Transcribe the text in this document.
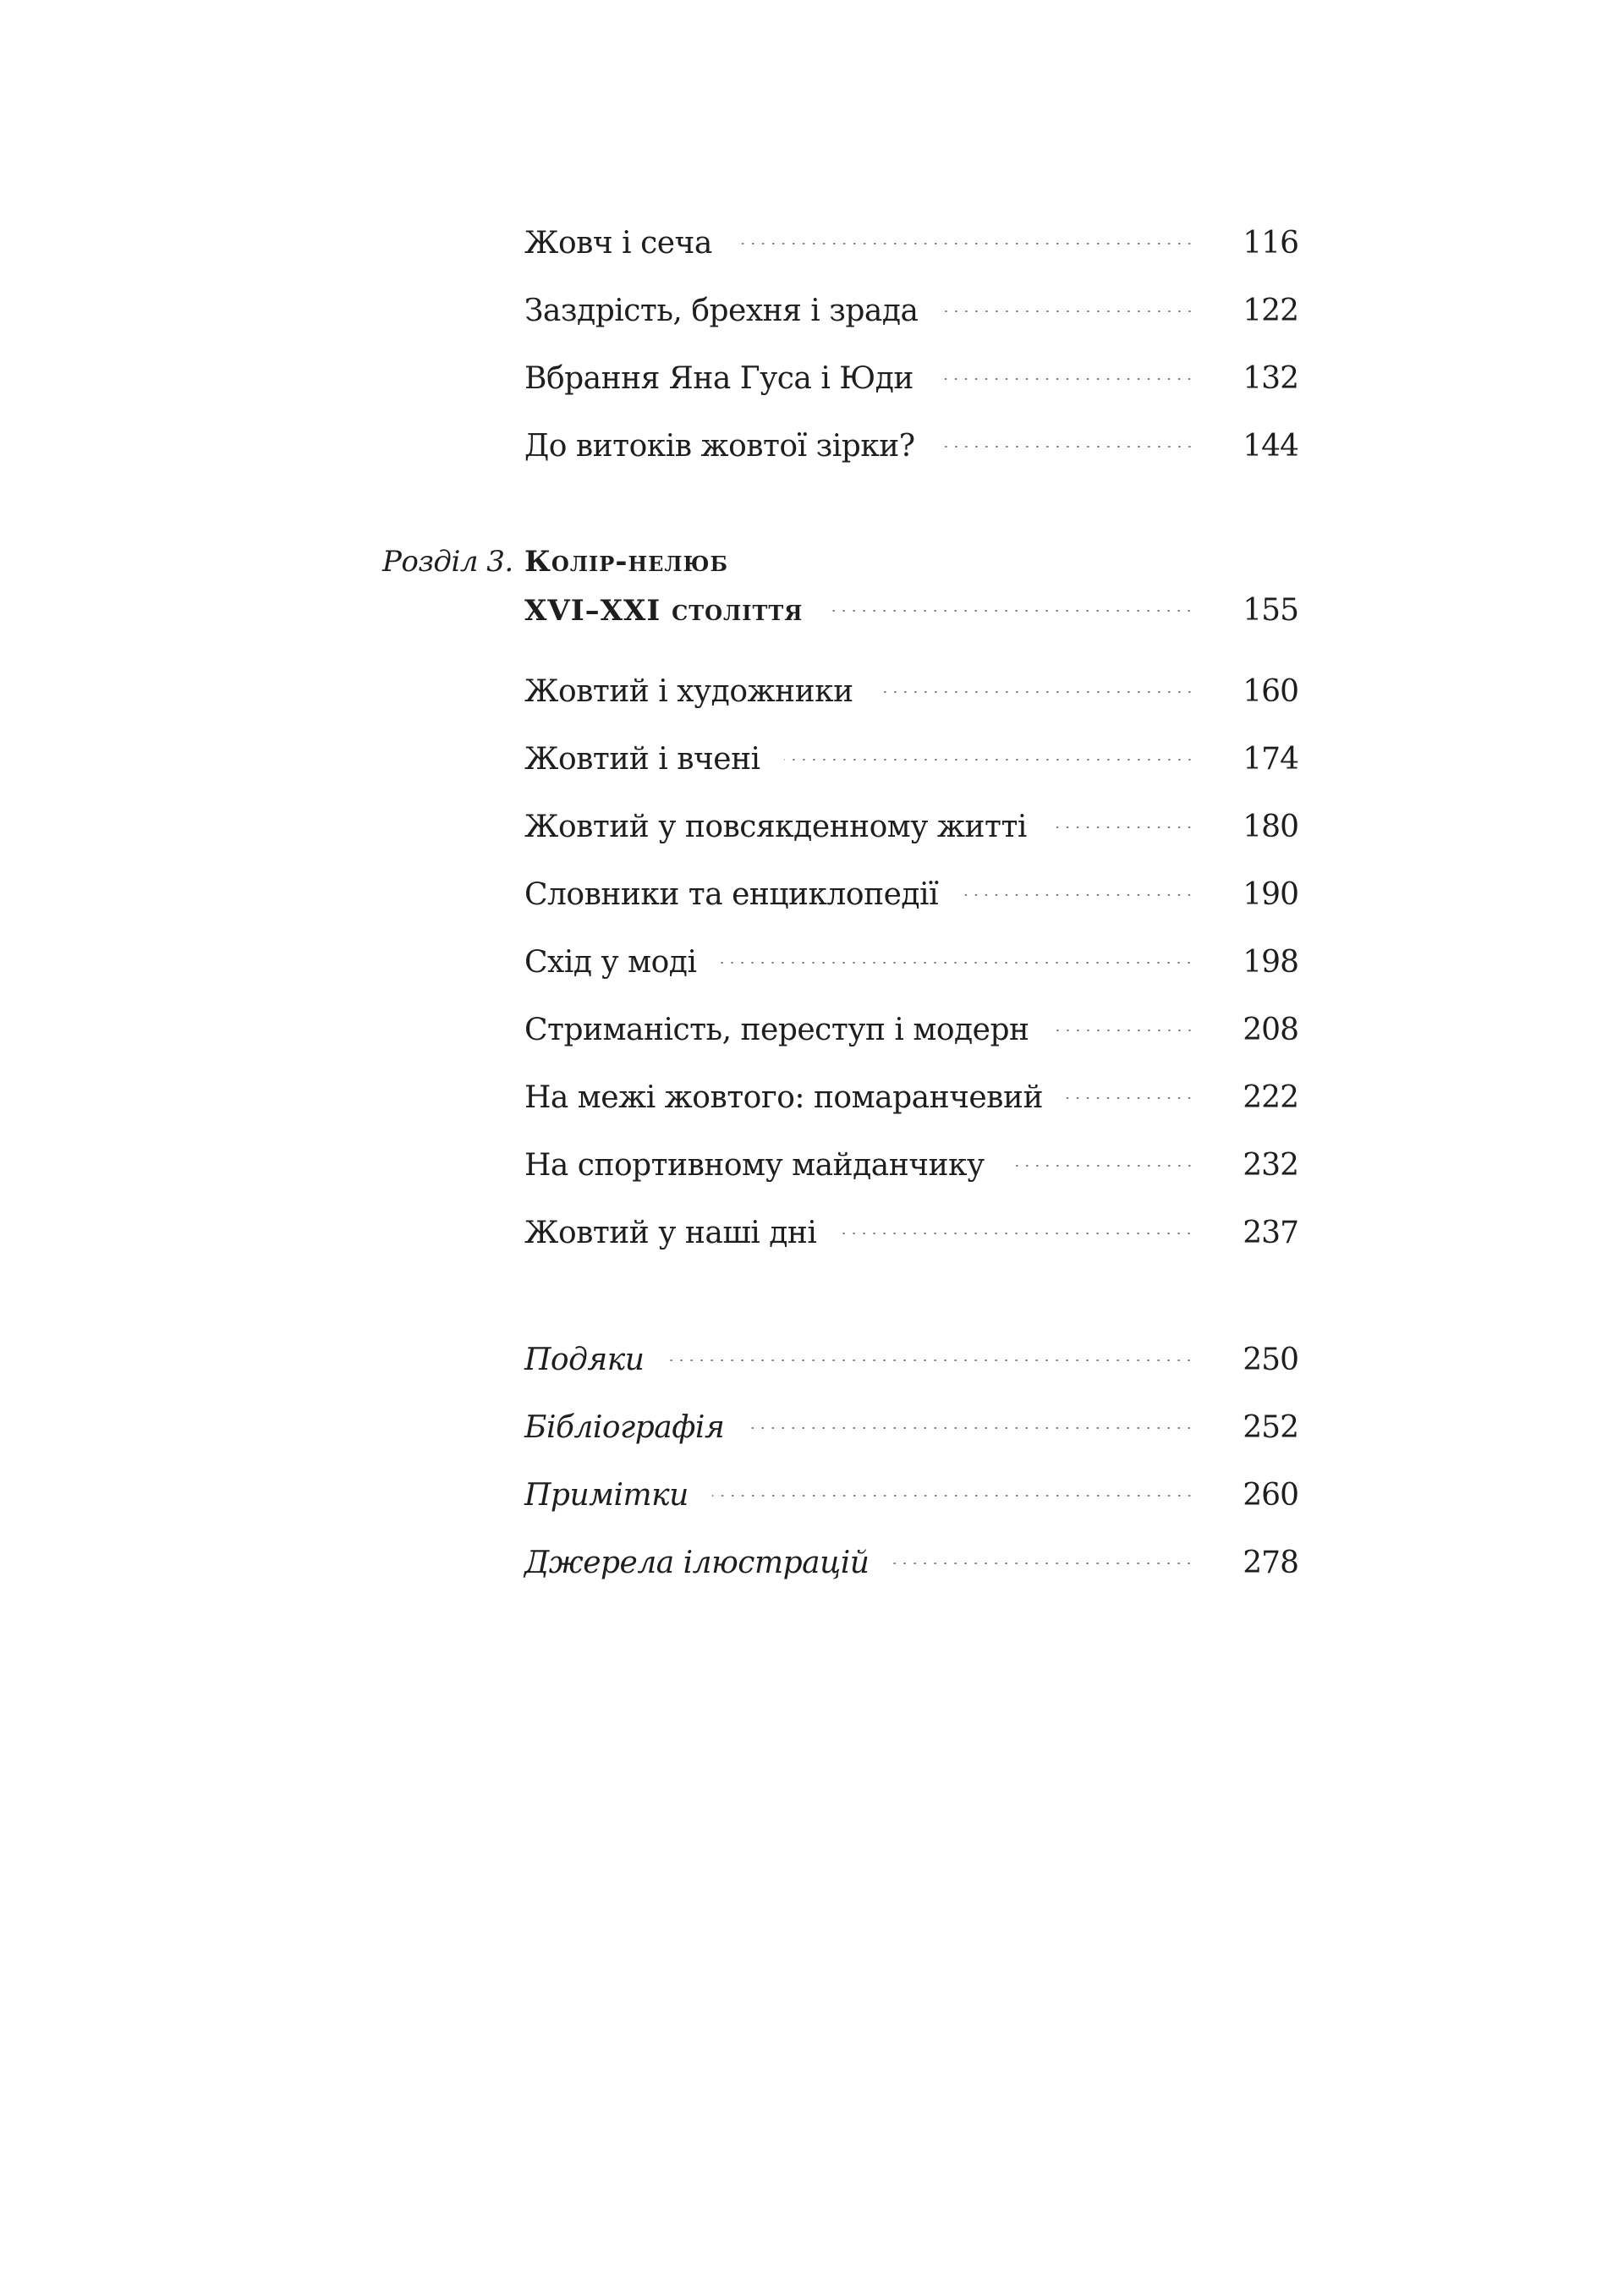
Жовч і сеча	116
Заздрість, брехня і зрада	122
Вбрання Яна Гуса і Юди	132
До витоків жовтої зірки?	144
Розділ 3. Колір-нелюб
XVI–XXI століття	155
Жовтий і художники	160
Жовтий і вчені	174
Жовтий у повсякденному житті	180
Словники та енциклопедії	190
Схід у моді	198
Стриманість, переступ і модерн	208
На межі жовтого: помаранчевий	222
На спортивному майданчику	232
Жовтий у наші дні	237
Подяки	250
Бібліографія	252
Примітки	260
Джерела ілюстрацій	278
